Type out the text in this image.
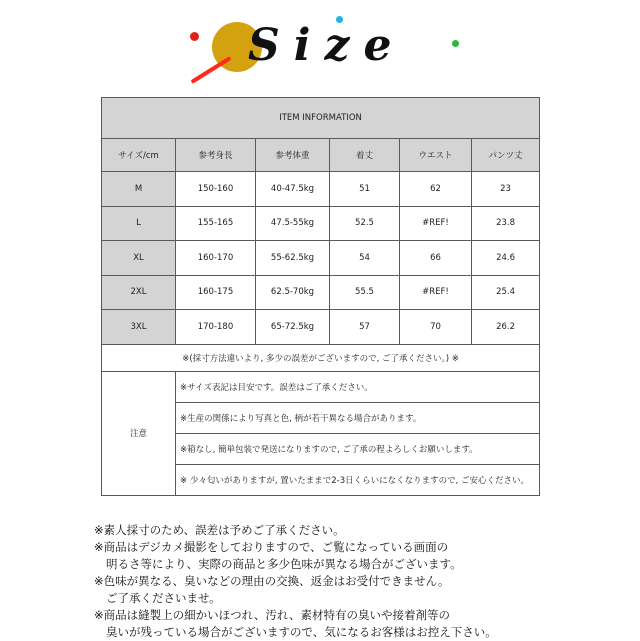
Size
ITEM INFORMATION					
サイズ/cm	参考身長	参考体重	着丈	ウエスト	パンツ丈
M	150-160	40-47.5kg	51	62	23
L	155-165	47.5-55kg	52.5	#REF!	23.8
XL	160-170	55-62.5kg	54	66	24.6
2XL	160-175	62.5-70kg	55.5	#REF!	25.4
3XL	170-180	65-72.5kg	57	70	26.2
※(採寸方法違いより, 多少の誤差がございますので, ご了承ください。) ※					
注意	※サイズ表記は目安です。誤差はご了承ください。				
	※生産の関係により写真と色, 柄が若干異なる場合があります。				
	※箱なし, 簡単包装で発送になりますので, ご了承の程よろしくお願いします。				
	※ 少々匂いがありますが, 置いたままで2-3日くらいになくなりますので, ご安心ください。				
※素人採寸のため、誤差は予めご了承ください。
※商品はデジカメ撮影をしておりますので、ご覧になっている画面の
明るさ等により、実際の商品と多少色味が異なる場合がございます。
※色味が異なる、臭いなどの理由の交換、返金はお受付できません。
ご了承くださいませ。
※商品は縫製上の細かいほつれ、汚れ、素材特有の臭いや接着剤等の
臭いが残っている場合がございますので、気になるお客様はお控え下さい。
